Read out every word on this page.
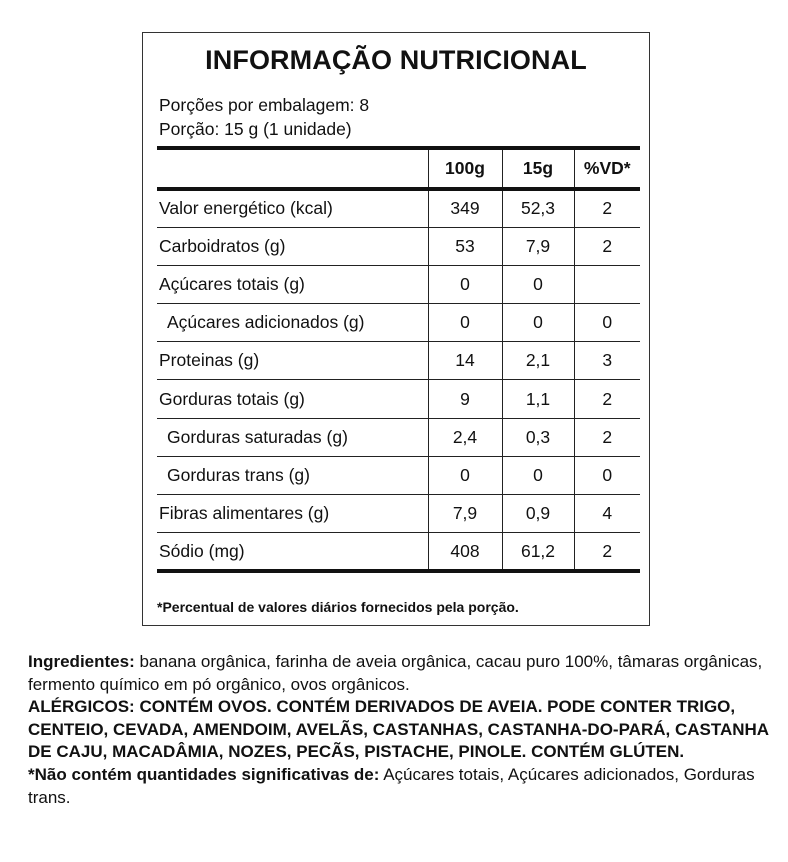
INFORMAÇÃO NUTRICIONAL
Porções por embalagem: 8
Porção: 15 g (1 unidade)
	100g	15g	%VD*
Valor energético (kcal)	349	52,3	2
Carboidratos (g)	53	7,9	2
Açúcares totais (g)	0	0	
Açúcares adicionados (g)	0	0	0
Proteinas (g)	14	2,1	3
Gorduras totais (g)	9	1,1	2
Gorduras saturadas (g)	2,4	0,3	2
Gorduras trans (g)	0	0	0
Fibras alimentares (g)	7,9	0,9	4
Sódio (mg)	408	61,2	2
*Percentual de valores diários fornecidos pela porção.

Ingredientes: banana orgânica, farinha de aveia orgânica, cacau puro 100%, tâmaras orgânicas, fermento químico em pó orgânico, ovos orgânicos.

ALÉRGICOS: CONTÉM OVOS. CONTÉM DERIVADOS DE AVEIA. PODE CONTER TRIGO, CENTEIO, CEVADA, AMENDOIM, AVELÃS, CASTANHAS, CASTANHA-DO-PARÁ, CASTANHA DE CAJU, MACADÂMIA, NOZES, PECÃS, PISTACHE, PINOLE. CONTÉM GLÚTEN.

*Não contém quantidades significativas de: Açúcares totais, Açúcares adicionados, Gorduras trans.
